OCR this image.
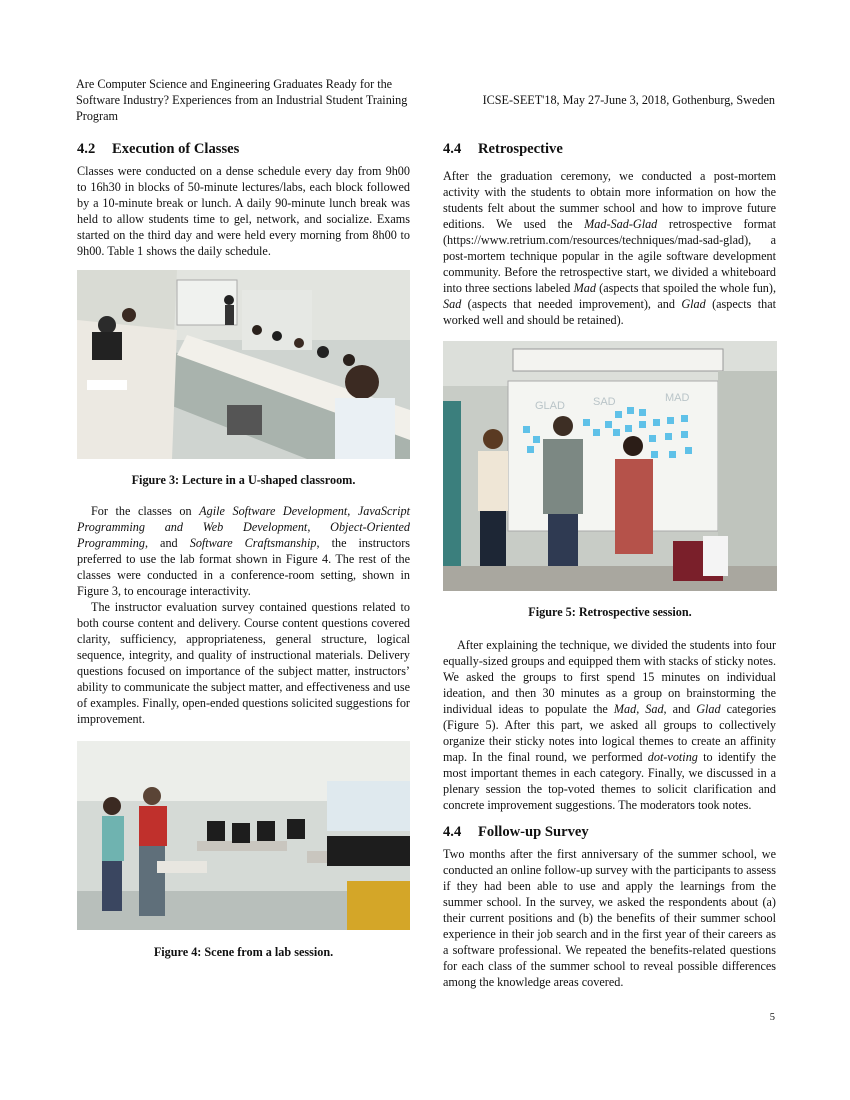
Are Computer Science and Engineering Graduates Ready for the Software Industry? Experiences from an Industrial Student Training Program
ICSE-SEET'18, May 27-June 3, 2018, Gothenburg, Sweden
4.2 Execution of Classes

Classes were conducted on a dense schedule every day from 9h00 to 16h30 in blocks of 50-minute lectures/labs, each block followed by a 10-minute break or lunch. A daily 90-minute lunch break was held to allow students time to gel, network, and socialize. Exams started on the third day and were held every morning from 8h00 to 9h00. Table 1 shows the daily schedule.

Figure 3: Lecture in a U-shaped classroom.

For the classes on Agile Software Development, JavaScript Programming and Web Development, Object-Oriented Programming, and Software Craftsmanship, the instructors preferred to use the lab format shown in Figure 4. The rest of the classes were conducted in a conference-room setting, shown in Figure 3, to encourage interactivity.

The instructor evaluation survey contained questions related to both course content and delivery. Course content questions covered clarity, sufficiency, appropriateness, general structure, logical sequence, integrity, and quality of instructional materials. Delivery questions focused on importance of the subject matter, instructors’ ability to communicate the subject matter, and effectiveness and use of examples. Finally, open-ended questions solicited suggestions for improvement.

Figure 4: Scene from a lab session.
4.4 Retrospective

After the graduation ceremony, we conducted a post-mortem activity with the students to obtain more information on how the students felt about the summer school and how to improve future editions. We used the Mad-Sad-Glad retrospective format (https://www.retrium.com/resources/techniques/mad-sad-glad), a post-mortem technique popular in the agile software development community. Before the retrospective start, we divided a whiteboard into three sections labeled Mad (aspects that spoiled the whole fun), Sad (aspects that needed improvement), and Glad (aspects that worked well and should be retained).

GLAD	SAD	MAD
Figure 5: Retrospective session.

After explaining the technique, we divided the students into four equally-sized groups and equipped them with stacks of sticky notes. We asked the groups to first spend 15 minutes on individual ideation, and then 30 minutes as a group on brainstorming the individual ideas to populate the Mad, Sad, and Glad categories (Figure 5). After this part, we asked all groups to collectively organize their sticky notes into logical themes to create an affinity map. In the final round, we performed dot-voting to identify the most important themes in each category. Finally, we discussed in a plenary session the top-voted themes to solicit clarification and concrete improvement suggestions. The moderators took notes.

4.4 Follow-up Survey

Two months after the first anniversary of the summer school, we conducted an online follow-up survey with the participants to assess if they had been able to use and apply the learnings from the summer school. In the survey, we asked the respondents about (a) their current positions and (b) the benefits of their summer school experience in their job search and in the first year of their careers as a software professional. We repeated the benefits-related questions for each class of the summer school to reveal possible differences among the knowledge areas covered.

5
